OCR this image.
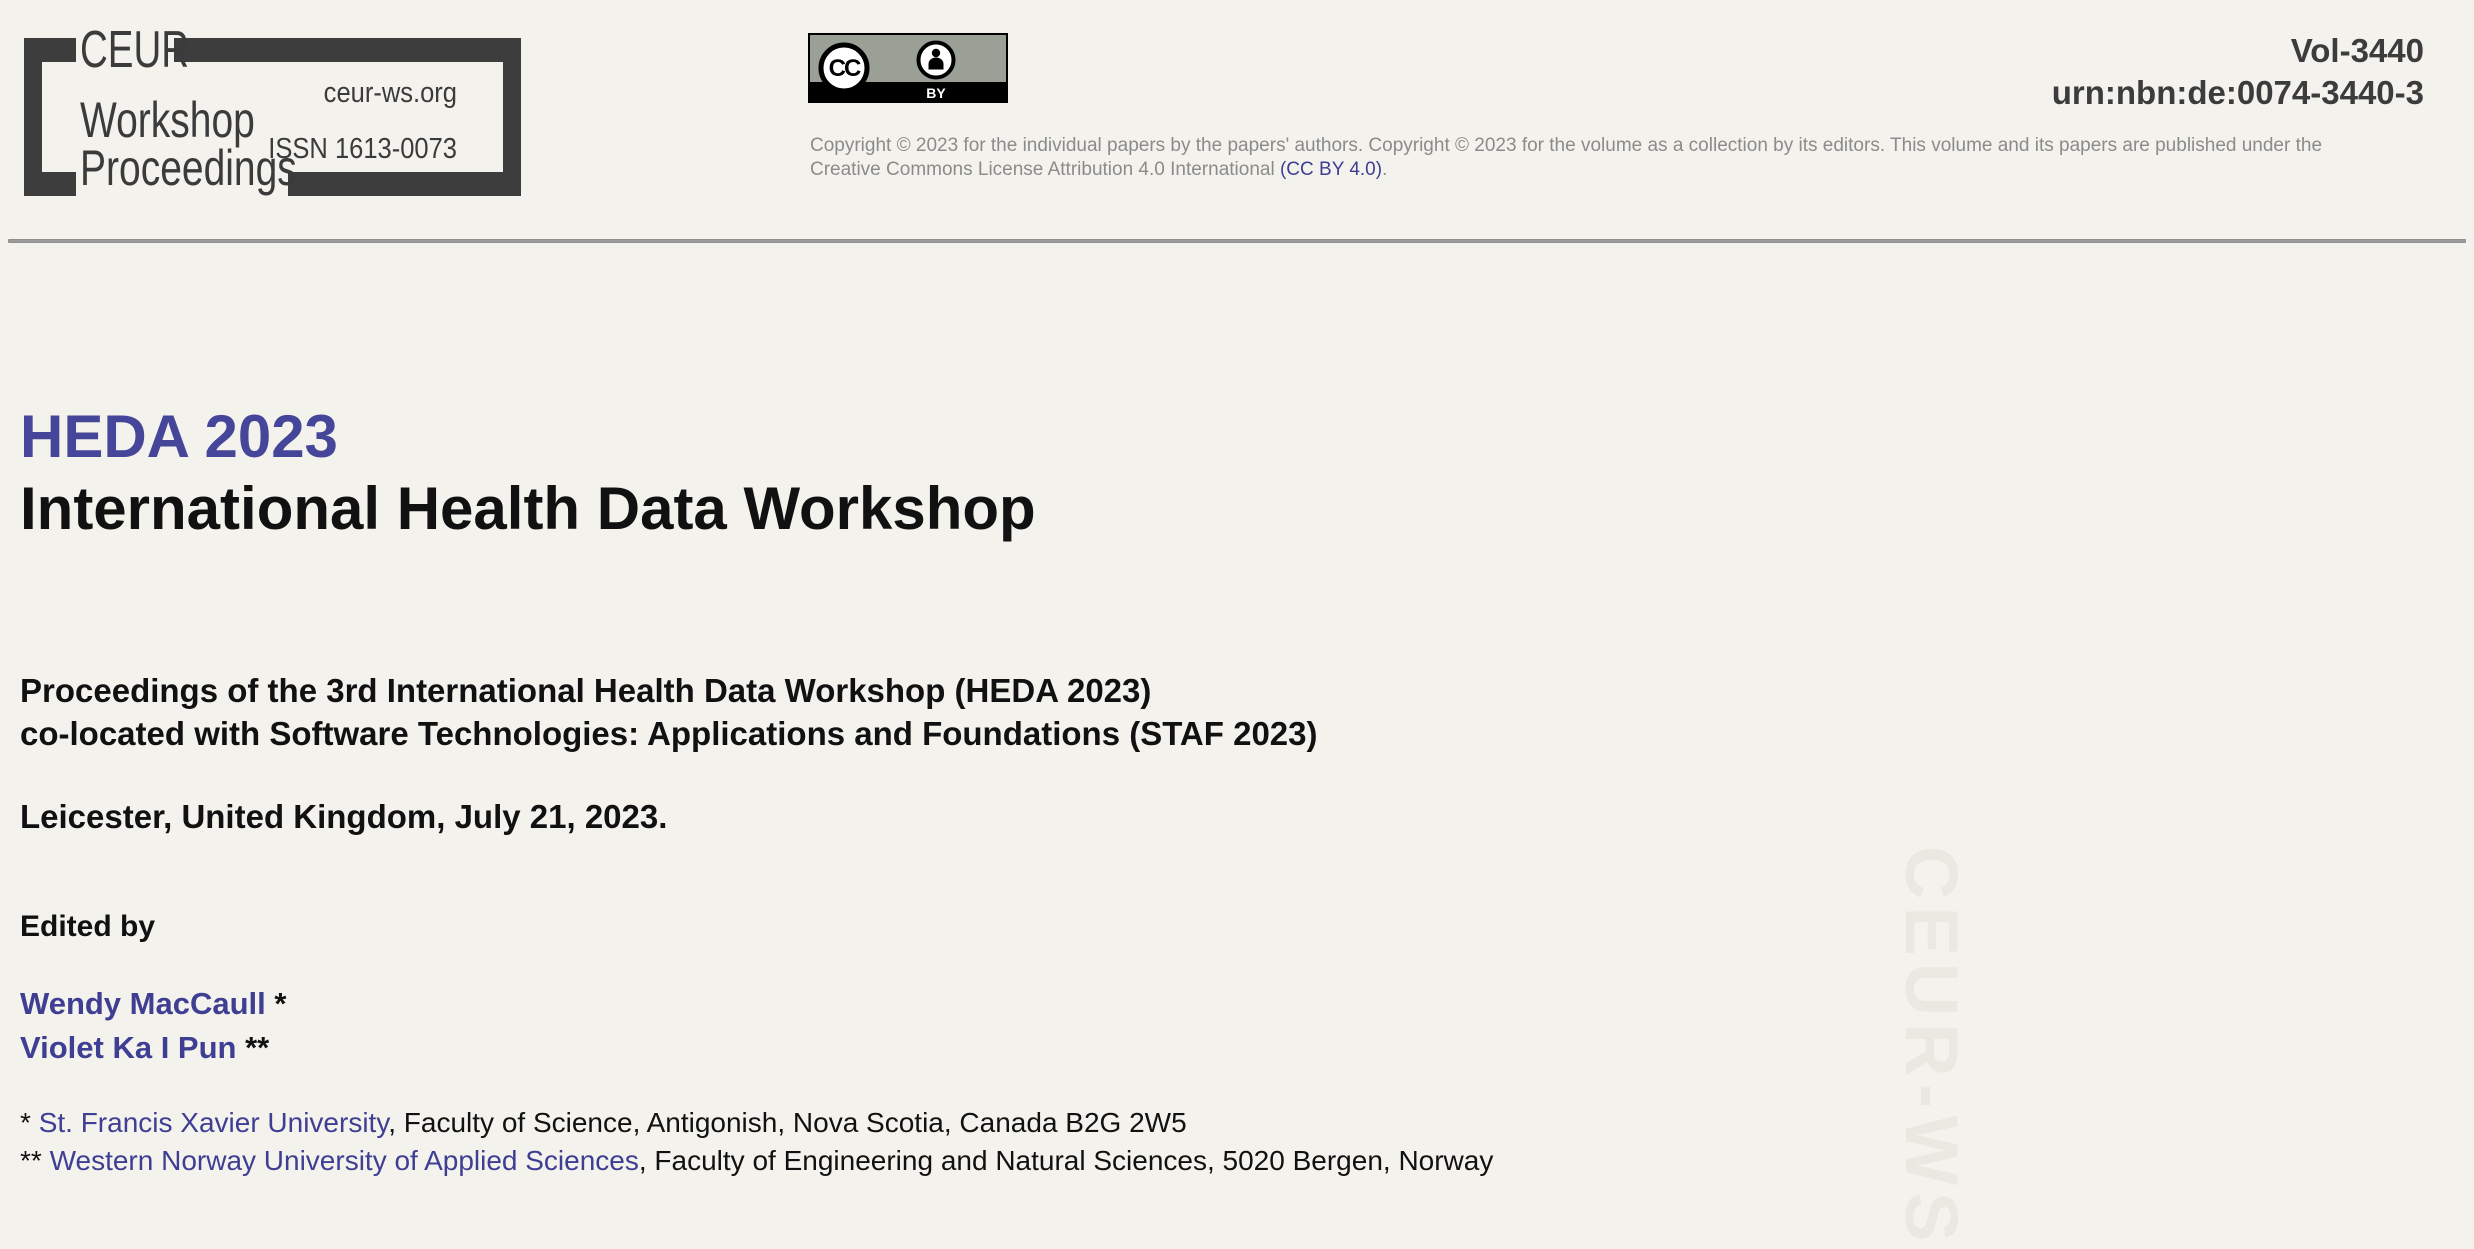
CEUR-WS
CEUR
Workshop
Proceedings
ceur-ws.org
ISSN 1613-0073
CC
BY
Copyright © 2023 for the individual papers by the papers' authors. Copyright © 2023 for the volume as a collection by its editors. This volume and its papers are published under the
Creative Commons License Attribution 4.0 International (CC BY 4.0).
Vol-3440
urn:nbn:de:0074-3440-3
HEDA 2023
International Health Data Workshop
Proceedings of the 3rd International Health Data Workshop (HEDA 2023)
co-located with Software Technologies: Applications and Foundations (STAF 2023)
Leicester, United Kingdom, July 21, 2023.
Edited by
Wendy MacCaull *
Violet Ka I Pun **
* St. Francis Xavier University, Faculty of Science, Antigonish, Nova Scotia, Canada B2G 2W5
** Western Norway University of Applied Sciences, Faculty of Engineering and Natural Sciences, 5020 Bergen, Norway
